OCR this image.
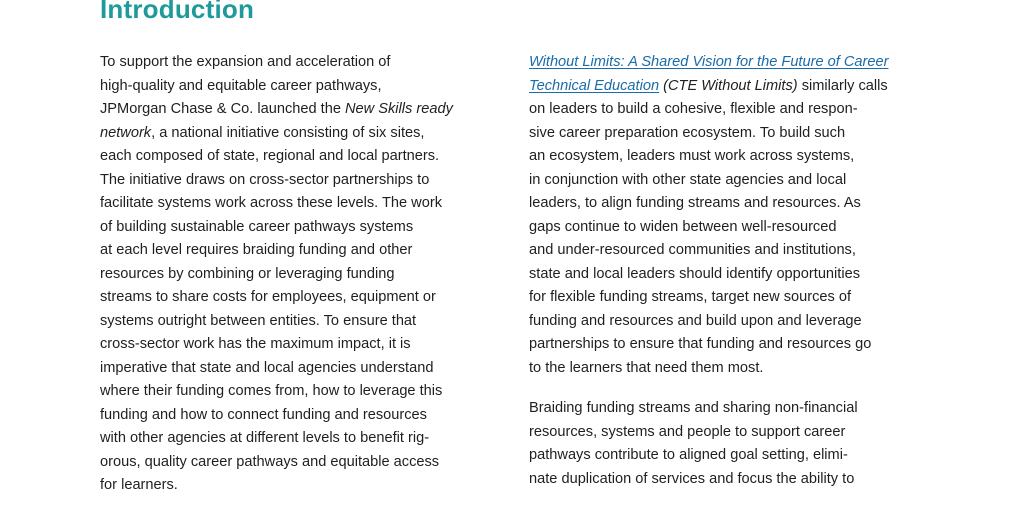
Introduction

To support the expansion and acceleration of
high-quality and equitable career pathways,
JPMorgan Chase & Co. launched the New Skills ready
network, a national initiative consisting of six sites,
each composed of state, regional and local partners.
The initiative draws on cross-sector partnerships to
facilitate systems work across these levels. The work
of building sustainable career pathways systems
at each level requires braiding funding and other
resources by combining or leveraging funding
streams to share costs for employees, equipment or
systems outright between entities. To ensure that
cross-sector work has the maximum impact, it is
imperative that state and local agencies understand
where their funding comes from, how to leverage this
funding and how to connect funding and resources
with other agencies at different levels to benefit rig-
orous, quality career pathways and equitable access
for learners.

Without Limits: A Shared Vision for the Future of Career
Technical Education (CTE Without Limits) similarly calls
on leaders to build a cohesive, flexible and respon-
sive career preparation ecosystem. To build such
an ecosystem, leaders must work across systems,
in conjunction with other state agencies and local
leaders, to align funding streams and resources. As
gaps continue to widen between well-resourced
and under-resourced communities and institutions,
state and local leaders should identify opportunities
for flexible funding streams, target new sources of
funding and resources and build upon and leverage
partnerships to ensure that funding and resources go
to the learners that need them most.

Braiding funding streams and sharing non-financial
resources, systems and people to support career
pathways contribute to aligned goal setting, elimi-
nate duplication of services and focus the ability to
